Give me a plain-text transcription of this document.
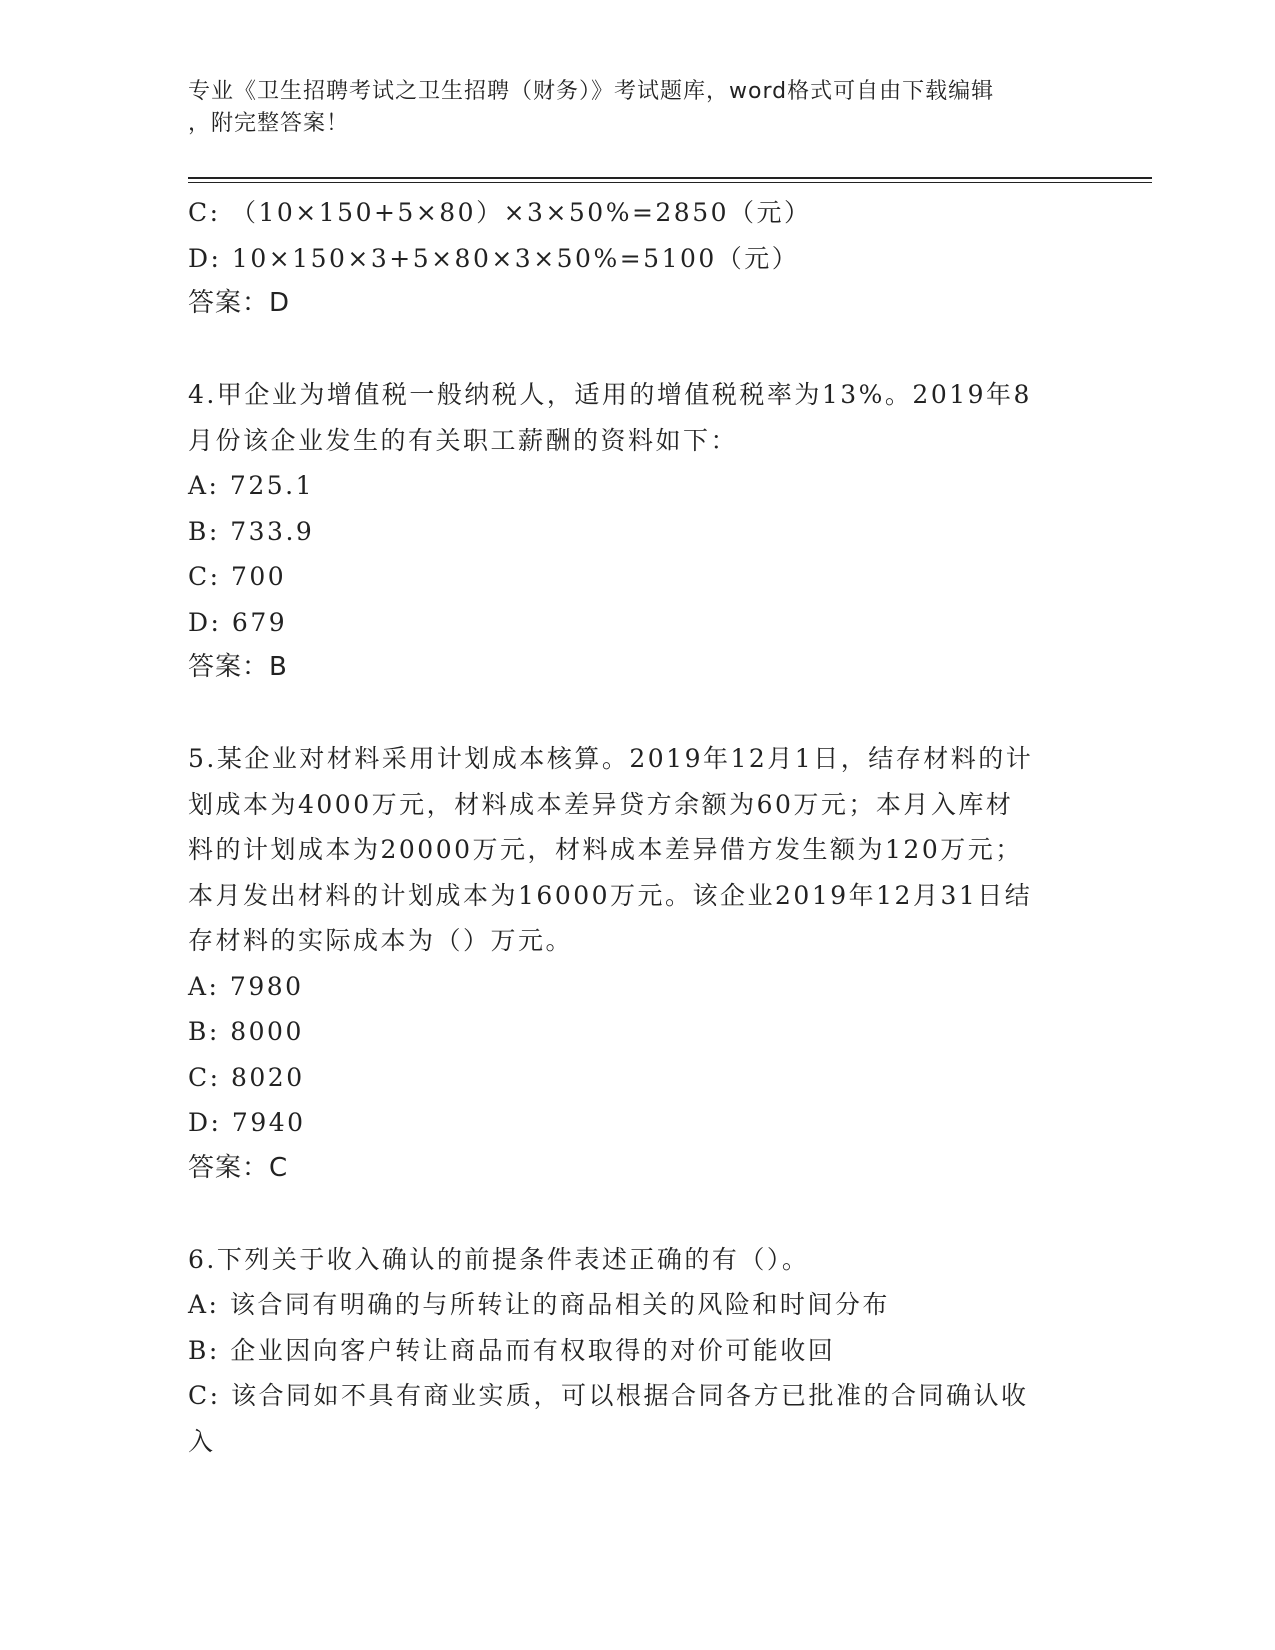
专业《卫生招聘考试之卫生招聘（财务）》考试题库，word格式可自由下载编辑
，附完整答案！
C: （10×150+5×80）×3×50%=2850（元）
D: 10×150×3+5×80×3×50%=5100（元）
答案：D
4.甲企业为增值税一般纳税人，适用的增值税税率为13%。2019年8
月份该企业发生的有关职工薪酬的资料如下：
A: 725.1
B: 733.9
C: 700
D: 679
答案：B
5.某企业对材料采用计划成本核算。2019年12月1日，结存材料的计
划成本为4000万元，材料成本差异贷方余额为60万元；本月入库材
料的计划成本为20000万元，材料成本差异借方发生额为120万元；
本月发出材料的计划成本为16000万元。该企业2019年12月31日结
存材料的实际成本为（）万元。
A: 7980
B: 8000
C: 8020
D: 7940
答案：C
6.下列关于收入确认的前提条件表述正确的有（）。
A: 该合同有明确的与所转让的商品相关的风险和时间分布
B: 企业因向客户转让商品而有权取得的对价可能收回
C: 该合同如不具有商业实质，可以根据合同各方已批准的合同确认收
入
